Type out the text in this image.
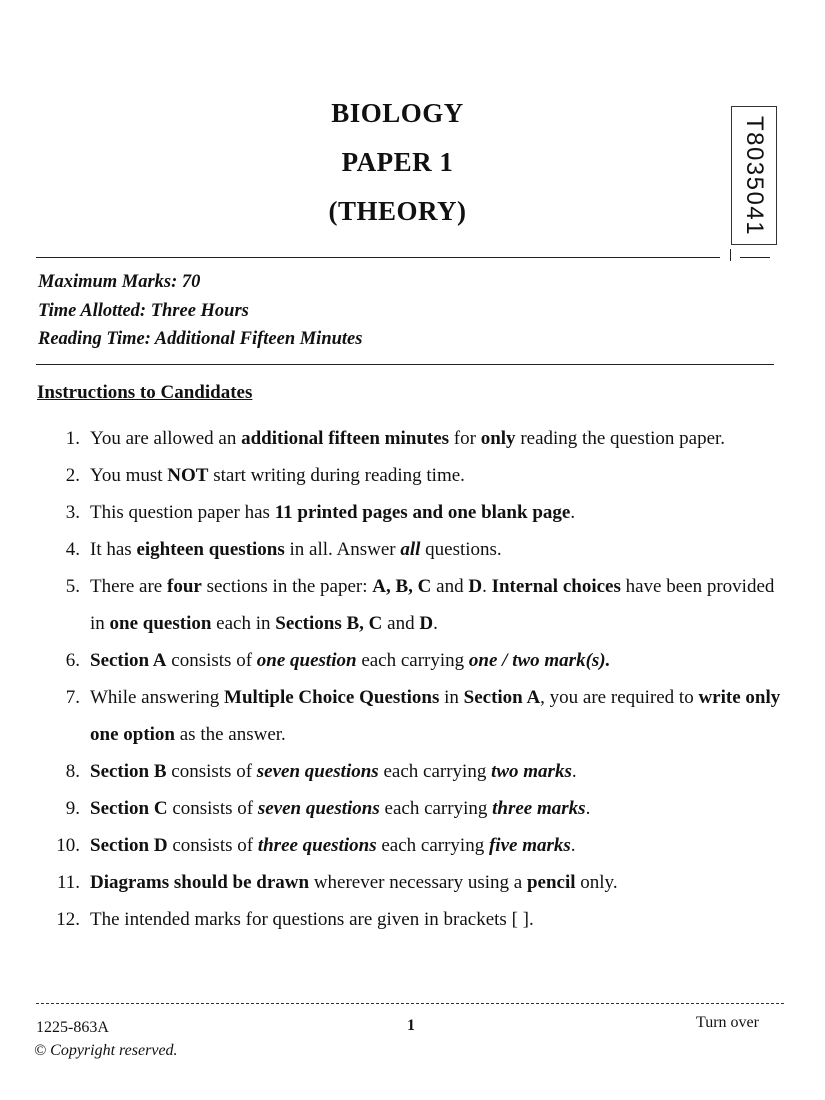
BIOLOGY
PAPER 1
(THEORY)	T8035041

Maximum Marks: 70

Time Allotted: Three Hours

Reading Time: Additional Fifteen Minutes

Instructions to Candidates
1. You are allowed an additional fifteen minutes for only reading the question paper.
2. You must NOT start writing during reading time.
3. This question paper has 11 printed pages and one blank page.
4. It has eighteen questions in all. Answer all questions.
5. There are four sections in the paper: A, B, C and D. Internal choices have been provided in one question each in Sections B, C and D.
6. Section A consists of one question each carrying one / two mark(s).
7. While answering Multiple Choice Questions in Section A, you are required to write only one option as the answer.
8. Section B consists of seven questions each carrying two marks.
9. Section C consists of seven questions each carrying three marks.
10. Section D consists of three questions each carrying five marks.
11. Diagrams should be drawn wherever necessary using a pencil only.
12. The intended marks for questions are given in brackets [ ].

1225-863A	1	Turn over

© Copyright reserved.
